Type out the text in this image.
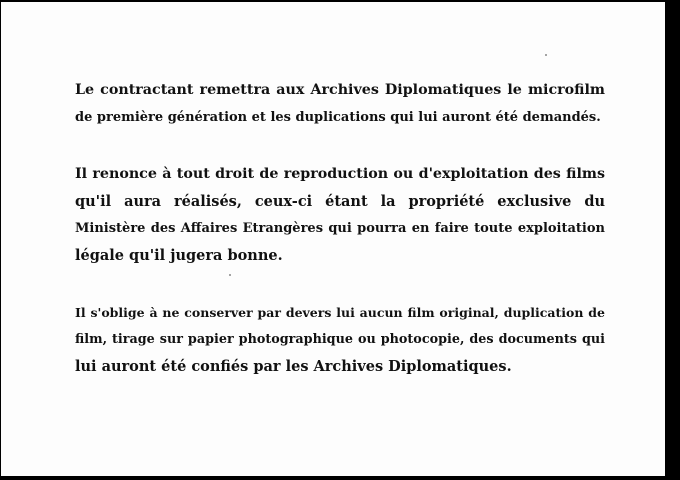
Le contractant remettra aux Archives Diplomatiques le microfilm
de première génération et les duplications qui lui auront été demandés.

Il renonce à tout droit de reproduction ou d'exploitation des films
qu'il aura réalisés, ceux-ci étant la propriété exclusive du
Ministère des Affaires Etrangères qui pourra en faire toute exploitation
légale qu'il jugera bonne.

Il s'oblige à ne conserver par devers lui aucun film original, duplication de
film, tirage sur papier photographique ou photocopie, des documents qui
lui auront été confiés par les Archives Diplomatiques.
